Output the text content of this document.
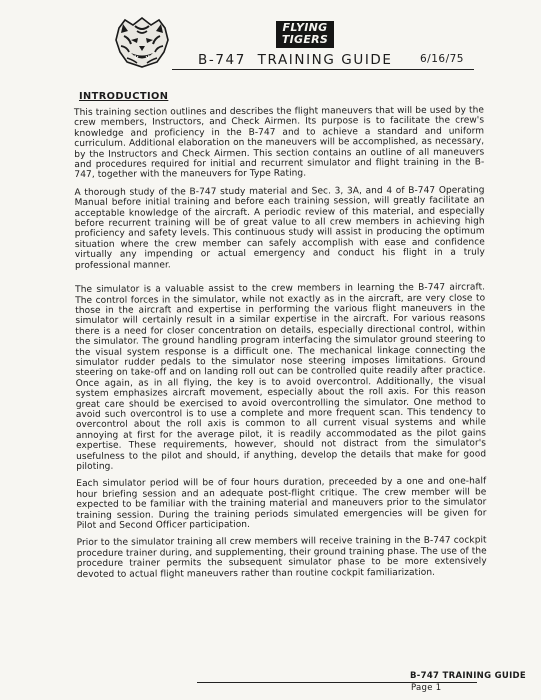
FLYING
TIGERS
B-747  TRAINING GUIDE	6/16/75
INTRODUCTION

This training section outlines and describes the flight maneuvers that will be used by the crew members, Instructors, and Check Airmen. Its purpose is to facilitate the crew's knowledge and proficiency in the B-747 and to achieve a standard and uniform curriculum. Additional elaboration on the maneuvers will be accomplished, as necessary, by the Instructors and Check Airmen. This section contains an outline of all maneuvers and procedures required for initial and recurrent simulator and flight training in the B-747, together with the maneuvers for Type Rating.

A thorough study of the B-747 study material and Sec. 3, 3A, and 4 of B-747 Operating Manual before initial training and before each training session, will greatly facilitate an acceptable knowledge of the aircraft. A periodic review of this material, and especially before recurrent training will be of great value to all crew members in achieving high proficiency and safety levels. This continuous study will assist in producing the optimum situation where the crew member can safely accomplish with ease and confidence virtually any impending or actual emergency and conduct his flight in a truly professional manner.

The simulator is a valuable assist to the crew members in learning the B-747 aircraft. The control forces in the simulator, while not exactly as in the aircraft, are very close to those in the aircraft and expertise in performing the various flight maneuvers in the simulator will certainly result in a similar expertise in the aircraft. For various reasons there is a need for closer concentration on details, especially directional control, within the simulator. The ground handling program interfacing the simulator ground steering to the visual system response is a difficult one. The mechanical linkage connecting the simulator rudder pedals to the simulator nose steering imposes limitations. Ground steering on take-off and on landing roll out can be controlled quite readily after practice. Once again, as in all flying, the key is to avoid overcontrol. Additionally, the visual system emphasizes aircraft movement, especially about the roll axis. For this reason great care should be exercised to avoid overcontrolling the simulator. One method to avoid such overcontrol is to use a complete and more frequent scan. This tendency to overcontrol about the roll axis is common to all current visual systems and while annoying at first for the average pilot, it is readily accommodated as the pilot gains expertise. These requirements, however, should not distract from the simulator's usefulness to the pilot and should, if anything, develop the details that make for good piloting.

Each simulator period will be of four hours duration, preceeded by a one and one-half hour briefing session and an adequate post-flight critique. The crew member will be expected to be familiar with the training material and maneuvers prior to the simulator training session. During the training periods simulated emergencies will be given for Pilot and Second Officer participation.

Prior to the simulator training all crew members will receive training in the B-747 cockpit procedure trainer during, and supplementing, their ground training phase. The use of the procedure trainer permits the subsequent simulator phase to be more extensively devoted to actual flight maneuvers rather than routine cockpit familiarization.

B-747 TRAINING GUIDE
Page 1
